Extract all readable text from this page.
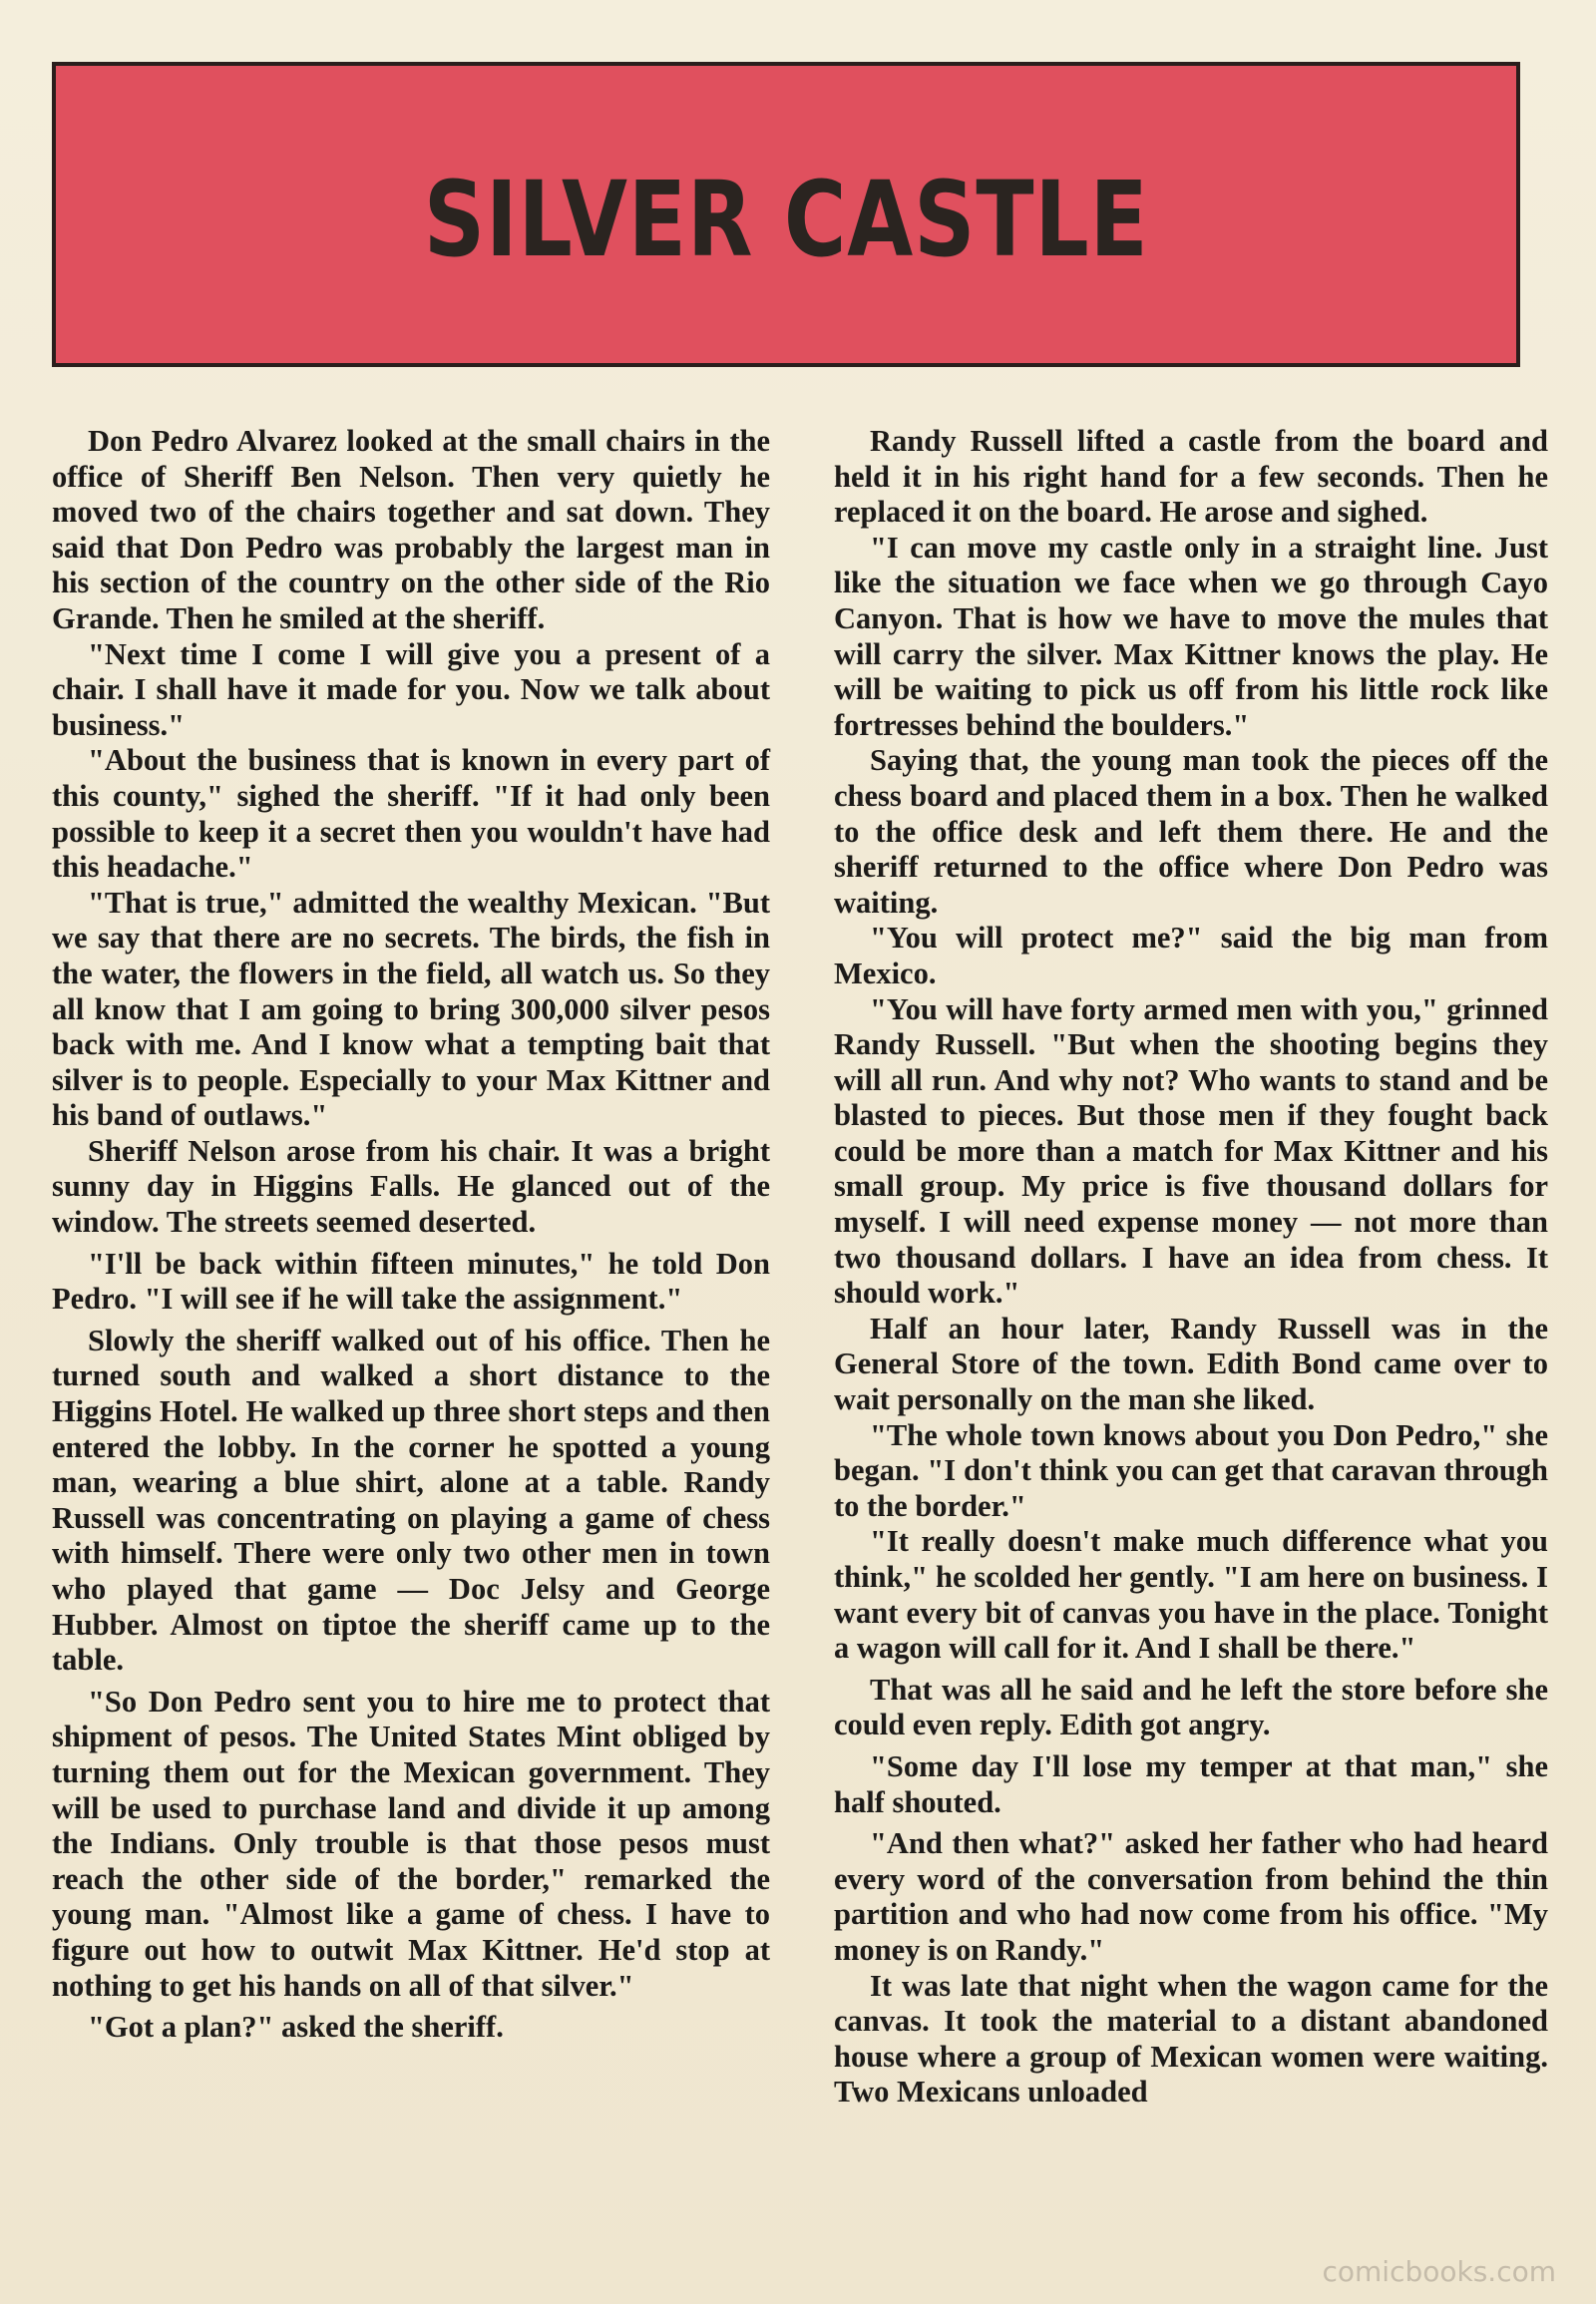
SILVER CASTLE

Don Pedro Alvarez looked at the small chairs in the office of Sheriff Ben Nelson. Then very quietly he moved two of the chairs together and sat down. They said that Don Pedro was probably the largest man in his section of the country on the other side of the Rio Grande. Then he smiled at the sheriff.

"Next time I come I will give you a present of a chair. I shall have it made for you. Now we talk about business."

"About the business that is known in every part of this county," sighed the sheriff. "If it had only been possible to keep it a secret then you wouldn't have had this headache."

"That is true," admitted the wealthy Mexican. "But we say that there are no secrets. The birds, the fish in the water, the flowers in the field, all watch us. So they all know that I am going to bring 300,000 silver pesos back with me. And I know what a tempting bait that silver is to people. Especially to your Max Kittner and his band of outlaws."

Sheriff Nelson arose from his chair. It was a bright sunny day in Higgins Falls. He glanced out of the window. The streets seemed deserted.

"I'll be back within fifteen minutes," he told Don Pedro. "I will see if he will take the assignment."

Slowly the sheriff walked out of his office. Then he turned south and walked a short distance to the Higgins Hotel. He walked up three short steps and then entered the lobby. In the corner he spotted a young man, wearing a blue shirt, alone at a table. Randy Russell was concentrating on playing a game of chess with himself. There were only two other men in town who played that game — Doc Jelsy and George Hubber. Almost on tiptoe the sheriff came up to the table.

"So Don Pedro sent you to hire me to protect that shipment of pesos. The United States Mint obliged by turning them out for the Mexican government. They will be used to purchase land and divide it up among the Indians. Only trouble is that those pesos must reach the other side of the border," remarked the young man. "Almost like a game of chess. I have to figure out how to outwit Max Kittner. He'd stop at nothing to get his hands on all of that silver."

"Got a plan?" asked the sheriff.

Randy Russell lifted a castle from the board and held it in his right hand for a few seconds. Then he replaced it on the board. He arose and sighed.

"I can move my castle only in a straight line. Just like the situation we face when we go through Cayo Canyon. That is how we have to move the mules that will carry the silver. Max Kittner knows the play. He will be waiting to pick us off from his little rock like fortresses behind the boulders."

Saying that, the young man took the pieces off the chess board and placed them in a box. Then he walked to the office desk and left them there. He and the sheriff returned to the office where Don Pedro was waiting.

"You will protect me?" said the big man from Mexico.

"You will have forty armed men with you," grinned Randy Russell. "But when the shooting begins they will all run. And why not? Who wants to stand and be blasted to pieces. But those men if they fought back could be more than a match for Max Kittner and his small group. My price is five thousand dollars for myself. I will need expense money — not more than two thousand dollars. I have an idea from chess. It should work."

Half an hour later, Randy Russell was in the General Store of the town. Edith Bond came over to wait personally on the man she liked.

"The whole town knows about you Don Pedro," she began. "I don't think you can get that caravan through to the border."

"It really doesn't make much difference what you think," he scolded her gently. "I am here on business. I want every bit of canvas you have in the place. Tonight a wagon will call for it. And I shall be there."

That was all he said and he left the store before she could even reply. Edith got angry.

"Some day I'll lose my temper at that man," she half shouted.

"And then what?" asked her father who had heard every word of the conversation from behind the thin partition and who had now come from his office. "My money is on Randy."

It was late that night when the wagon came for the canvas. It took the material to a distant abandoned house where a group of Mexican women were waiting. Two Mexicans unloaded

comicbooks.com
